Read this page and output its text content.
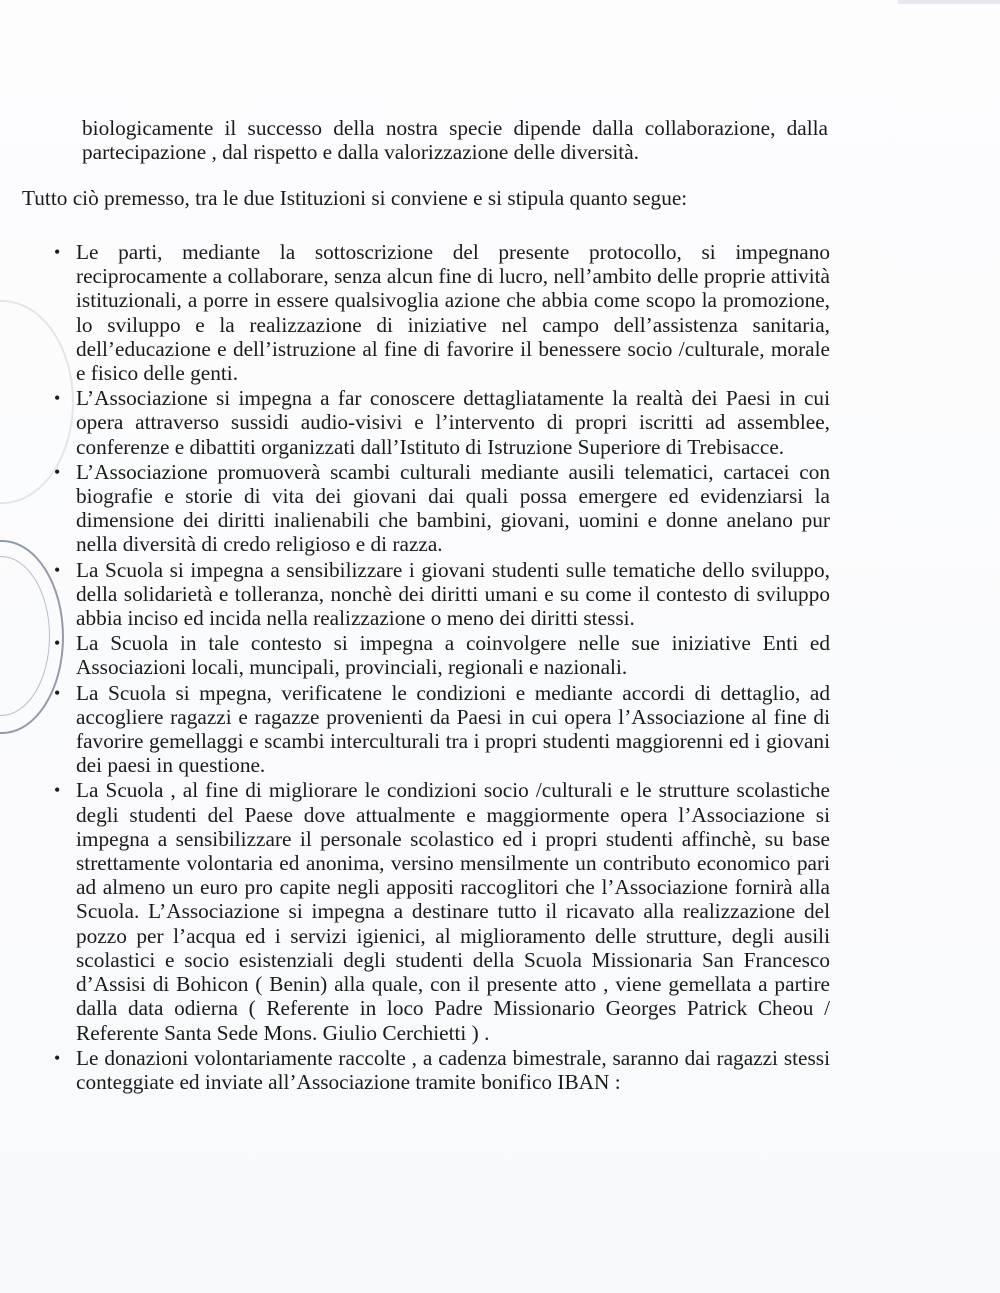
biologicamente il successo della nostra specie dipende dalla collaborazione, dalla partecipazione , dal rispetto e dalla valorizzazione delle diversità.
Tutto ciò premesso, tra le due Istituzioni si conviene e si stipula quanto segue:
• Le parti, mediante la sottoscrizione del presente protocollo, si impegnano reciprocamente a collaborare, senza alcun fine di lucro, nell’ambito delle proprie attività istituzionali, a porre in essere qualsivoglia azione che abbia come scopo la promozione, lo sviluppo e la realizzazione di iniziative nel campo dell’assistenza sanitaria, dell’educazione e dell’istruzione al fine di favorire il benessere socio /culturale, morale e fisico delle genti.
• L’Associazione si impegna a far conoscere dettagliatamente la realtà dei Paesi in cui opera attraverso sussidi audio-visivi e l’intervento di propri iscritti ad assemblee, conferenze e dibattiti organizzati dall’Istituto di Istruzione Superiore di Trebisacce.
• L’Associazione promuoverà scambi culturali mediante ausili telematici, cartacei con biografie e storie di vita dei giovani dai quali possa emergere ed evidenziarsi la dimensione dei diritti inalienabili che bambini, giovani, uomini e donne anelano pur nella diversità di credo religioso e di razza.
• La Scuola si impegna a sensibilizzare i giovani studenti sulle tematiche dello sviluppo, della solidarietà e tolleranza, nonchè dei diritti umani e su come il contesto di sviluppo abbia inciso ed incida nella realizzazione o meno dei diritti stessi.
• La Scuola in tale contesto si impegna a coinvolgere nelle sue iniziative Enti ed Associazioni locali, muncipali, provinciali, regionali e nazionali.
• La Scuola si mpegna, verificatene le condizioni e mediante accordi di dettaglio, ad accogliere ragazzi e ragazze provenienti da Paesi in cui opera l’Associazione al fine di favorire gemellaggi e scambi interculturali tra i propri studenti maggiorenni ed i giovani dei paesi in questione.
• La Scuola , al fine di migliorare le condizioni socio /culturali e le strutture scolastiche degli studenti del Paese dove attualmente e maggiormente opera l’Associazione si impegna a sensibilizzare il personale scolastico ed i propri studenti affinchè, su base strettamente volontaria ed anonima, versino mensilmente un contributo economico pari ad almeno un euro pro capite negli appositi raccoglitori che l’Associazione fornirà alla Scuola. L’Associazione si impegna a destinare tutto il ricavato alla realizzazione del pozzo per l’acqua ed i servizi igienici, al miglioramento delle strutture, degli ausili scolastici e socio esistenziali degli studenti della Scuola Missionaria San Francesco d’Assisi di Bohicon ( Benin) alla quale, con il presente atto , viene gemellata a partire dalla data odierna ( Referente in loco Padre Missionario Georges Patrick Cheou / Referente Santa Sede Mons. Giulio Cerchietti ) .
• Le donazioni volontariamente raccolte , a cadenza bimestrale, saranno dai ragazzi stessi conteggiate ed inviate all’Associazione tramite bonifico IBAN :
